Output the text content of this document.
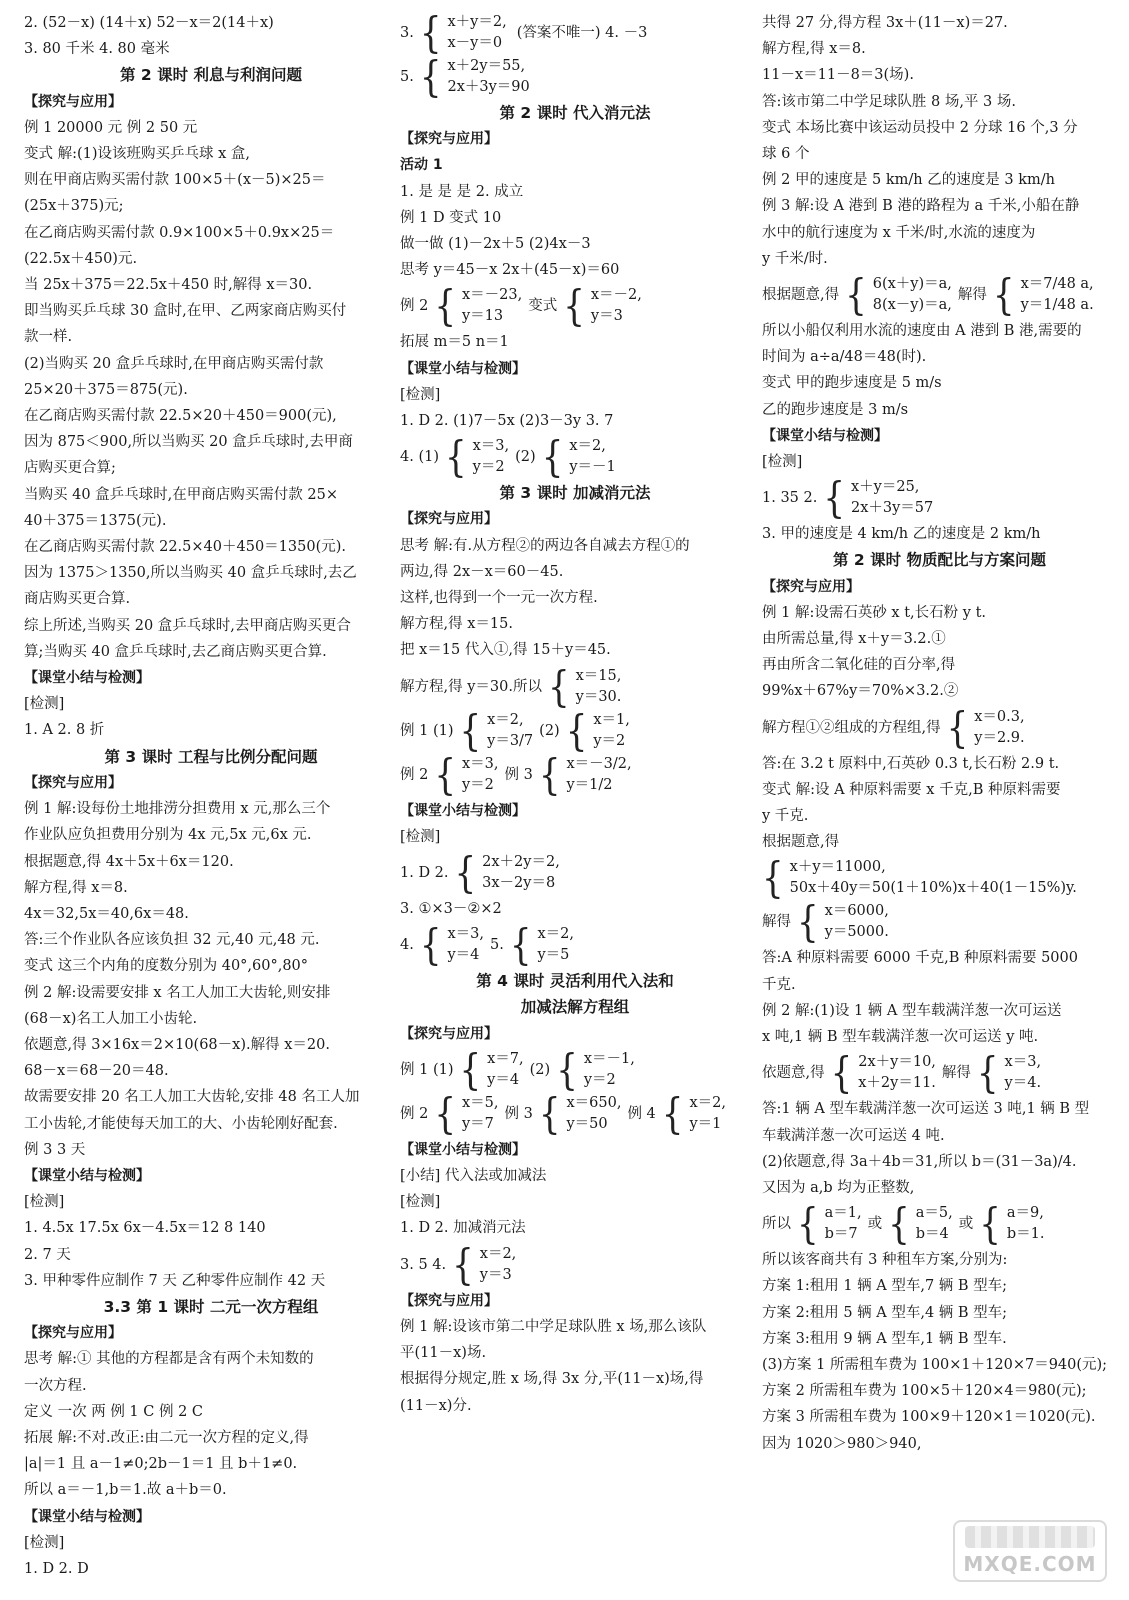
2. (52－x) (14＋x) 52－x＝2(14＋x)
3. 80 千米 4. 80 毫米
第 2 课时 利息与利润问题
【探究与应用】
例 1 20000 元 例 2 50 元
变式 解:(1)设该班购买乒乓球 x 盒,
则在甲商店购买需付款 100×5＋(x－5)×25＝
(25x＋375)元;
在乙商店购买需付款 0.9×100×5＋0.9x×25＝
(22.5x＋450)元.
当 25x＋375＝22.5x＋450 时,解得 x＝30.
即当购买乒乓球 30 盒时,在甲、乙两家商店购买付
款一样.
(2)当购买 20 盒乒乓球时,在甲商店购买需付款
25×20＋375＝875(元).
在乙商店购买需付款 22.5×20＋450＝900(元),
因为 875＜900,所以当购买 20 盒乒乓球时,去甲商
店购买更合算;
当购买 40 盒乒乓球时,在甲商店购买需付款 25×
40＋375＝1375(元).
在乙商店购买需付款 22.5×40＋450＝1350(元).
因为 1375＞1350,所以当购买 40 盒乒乓球时,去乙
商店购买更合算.
综上所述,当购买 20 盒乒乓球时,去甲商店购买更合
算;当购买 40 盒乒乓球时,去乙商店购买更合算.
【课堂小结与检测】
[检测]
1. A 2. 8 折
第 3 课时 工程与比例分配问题
【探究与应用】
例 1 解:设每份土地排涝分担费用 x 元,那么三个
作业队应负担费用分别为 4x 元,5x 元,6x 元.
根据题意,得 4x＋5x＋6x＝120.
解方程,得 x＝8.
4x＝32,5x＝40,6x＝48.
答:三个作业队各应该负担 32 元,40 元,48 元.
变式 这三个内角的度数分别为 40°,60°,80°
例 2 解:设需要安排 x 名工人加工大齿轮,则安排
(68－x)名工人加工小齿轮.
依题意,得 3×16x＝2×10(68－x).解得 x＝20.
68－x＝68－20＝48.
故需要安排 20 名工人加工大齿轮,安排 48 名工人加
工小齿轮,才能使每天加工的大、小齿轮刚好配套.
例 3 3 天
【课堂小结与检测】
[检测]
1. 4.5x 17.5x 6x－4.5x＝12 8 140
2. 7 天
3. 甲种零件应制作 7 天 乙种零件应制作 42 天
3.3 第 1 课时 二元一次方程组
【探究与应用】
思考 解:① 其他的方程都是含有两个未知数的
一次方程.
定义 一次 两 例 1 C 例 2 C
拓展 解:不对.改正:由二元一次方程的定义,得
|a|＝1 且 a－1≠0;2b－1＝1 且 b＋1≠0.
所以 a＝－1,b＝1.故 a＋b＝0.
【课堂小结与检测】
[检测]
1. D 2. D
3. { x＋y＝2,
x－y＝0
(答案不唯一) 4. －3
5. { x＋2y＝55,
2x＋3y＝90
第 2 课时 代入消元法
【探究与应用】
活动 1
1. 是 是 是 2. 成立
例 1 D 变式 10
做一做 (1)－2x＋5 (2)4x－3
思考 y＝45－x 2x＋(45－x)＝60
例 2 { x＝－23,
y＝13
变式 { x＝－2,
y＝3
拓展 m＝5 n＝1
【课堂小结与检测】
[检测]
1. D 2. (1)7－5x (2)3－3y 3. 7
4. (1) { x＝3,
y＝2
(2) { x＝2,
y＝－1
第 3 课时 加减消元法
【探究与应用】
思考 解:有.从方程②的两边各自减去方程①的
两边,得 2x－x＝60－45.
这样,也得到一个一元一次方程.
解方程,得 x＝15.
把 x＝15 代入①,得 15＋y＝45.
解方程,得 y＝30.所以 { x＝15,
y＝30.
例 1 (1) { x＝2,
y＝3/7
(2) { x＝1,
y＝2
例 2 { x＝3,
y＝2
例 3 { x＝－3/2,
y＝1/2
【课堂小结与检测】
[检测]
1. D 2. { 2x＋2y＝2,
3x－2y＝8
3. ①×3－②×2
4. { x＝3,
y＝4
5. { x＝2,
y＝5
第 4 课时 灵活利用代入法和
加减法解方程组
【探究与应用】
例 1 (1) { x＝7,
y＝4
(2) { x＝－1,
y＝2
例 2 { x＝5,
y＝7
例 3 { x＝650,
y＝50
例 4 { x＝2,
y＝1
【课堂小结与检测】
[小结] 代入法或加减法
[检测]
1. D 2. 加减消元法
3. 5 4. { x＝2,
y＝3
【探究与应用】
例 1 解:设该市第二中学足球队胜 x 场,那么该队
平(11－x)场.
根据得分规定,胜 x 场,得 3x 分,平(11－x)场,得
(11－x)分.
共得 27 分,得方程 3x＋(11－x)＝27.
解方程,得 x＝8.
11－x＝11－8＝3(场).
答:该市第二中学足球队胜 8 场,平 3 场.
变式 本场比赛中该运动员投中 2 分球 16 个,3 分
球 6 个
例 2 甲的速度是 5 km/h 乙的速度是 3 km/h
例 3 解:设 A 港到 B 港的路程为 a 千米,小船在静
水中的航行速度为 x 千米/时,水流的速度为
y 千米/时.
根据题意,得 { 6(x＋y)＝a,
8(x－y)＝a,
解得 { x＝7/48 a,
y＝1/48 a.
所以小船仅利用水流的速度由 A 港到 B 港,需要的
时间为 a÷a/48＝48(时).
变式 甲的跑步速度是 5 m/s
乙的跑步速度是 3 m/s
【课堂小结与检测】
[检测]
1. 35 2. { x＋y＝25,
2x＋3y＝57
3. 甲的速度是 4 km/h 乙的速度是 2 km/h
第 2 课时 物质配比与方案问题
【探究与应用】
例 1 解:设需石英砂 x t,长石粉 y t.
由所需总量,得 x＋y＝3.2.①
再由所含二氧化硅的百分率,得
99%x＋67%y＝70%×3.2.②
解方程①②组成的方程组,得 { x＝0.3,
y＝2.9.
答:在 3.2 t 原料中,石英砂 0.3 t,长石粉 2.9 t.
变式 解:设 A 种原料需要 x 千克,B 种原料需要
y 千克.
根据题意,得
{ x＋y＝11000,
50x＋40y＝50(1＋10%)x＋40(1－15%)y.
解得 { x＝6000,
y＝5000.
答:A 种原料需要 6000 千克,B 种原料需要 5000
千克.
例 2 解:(1)设 1 辆 A 型车载满洋葱一次可运送
x 吨,1 辆 B 型车载满洋葱一次可运送 y 吨.
依题意,得 { 2x＋y＝10,
x＋2y＝11.
解得 { x＝3,
y＝4.
答:1 辆 A 型车载满洋葱一次可运送 3 吨,1 辆 B 型
车载满洋葱一次可运送 4 吨.
(2)依题意,得 3a＋4b＝31,所以 b＝(31－3a)/4.
又因为 a,b 均为正整数,
所以 { a＝1,
b＝7
或 { a＝5,
b＝4
或 { a＝9,
b＝1.
所以该客商共有 3 种租车方案,分别为:
方案 1:租用 1 辆 A 型车,7 辆 B 型车;
方案 2:租用 5 辆 A 型车,4 辆 B 型车;
方案 3:租用 9 辆 A 型车,1 辆 B 型车.
(3)方案 1 所需租车费为 100×1＋120×7＝940(元);
方案 2 所需租车费为 100×5＋120×4＝980(元);
方案 3 所需租车费为 100×9＋120×1＝1020(元).
因为 1020＞980＞940,
MXQE.COM
